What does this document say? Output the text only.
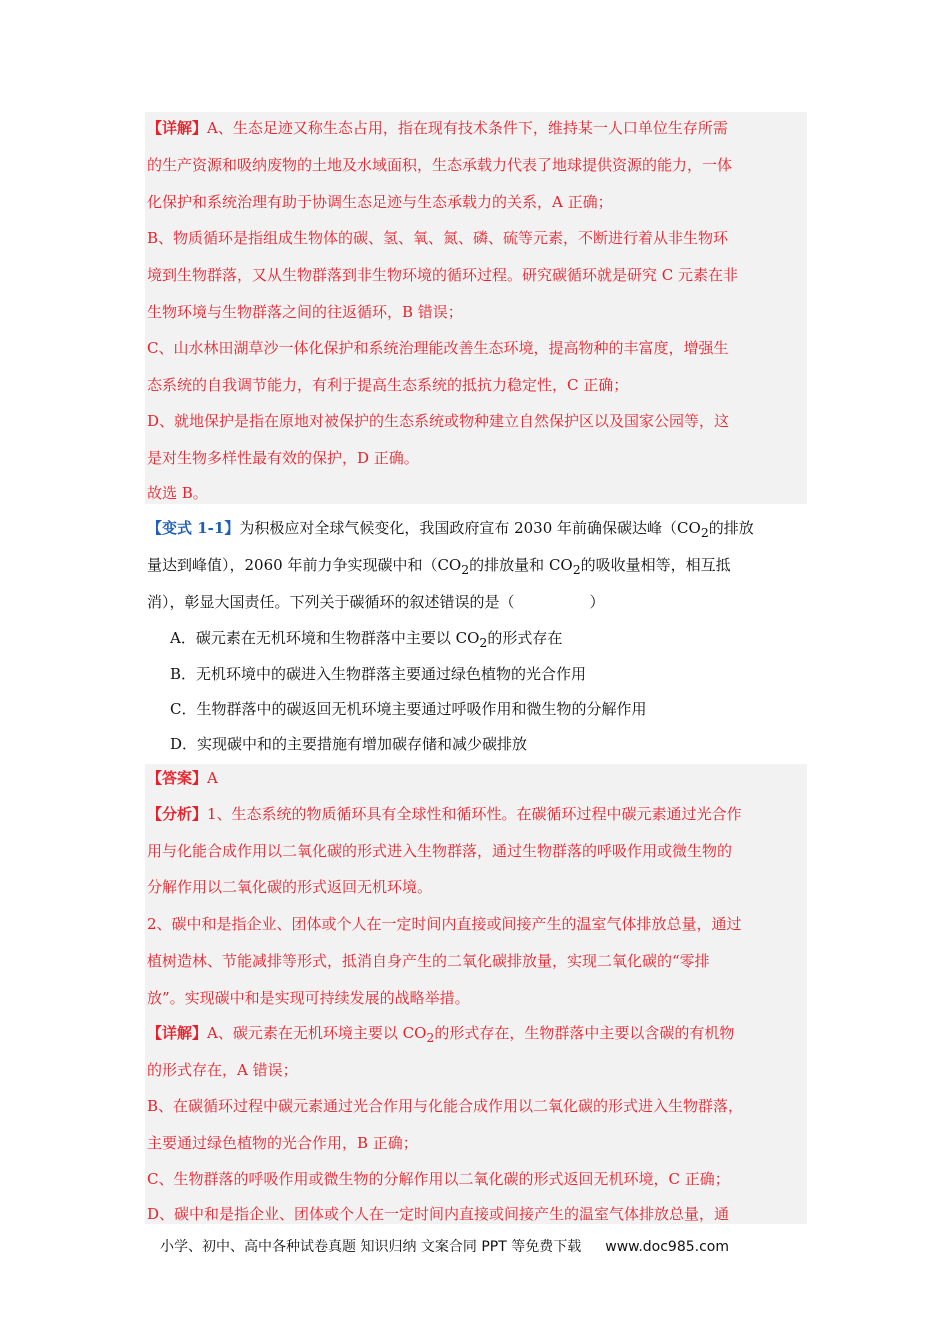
【详解】A、生态足迹又称生态占用，指在现有技术条件下，维持某一人口单位生存所需
的生产资源和吸纳废物的土地及水域面积，生态承载力代表了地球提供资源的能力，一体
化保护和系统治理有助于协调生态足迹与生态承载力的关系，A 正确；
B、物质循环是指组成生物体的碳、氢、氧、氮、磷、硫等元素，不断进行着从非生物环
境到生物群落，又从生物群落到非生物环境的循环过程。研究碳循环就是研究 C 元素在非
生物环境与生物群落之间的往返循环，B 错误；
C、山水林田湖草沙一体化保护和系统治理能改善生态环境，提高物种的丰富度，增强生
态系统的自我调节能力，有利于提高生态系统的抵抗力稳定性，C 正确；
D、就地保护是指在原地对被保护的生态系统或物种建立自然保护区以及国家公园等，这
是对生物多样性最有效的保护，D 正确。
故选 B。
【变式 1-1】为积极应对全球气候变化，我国政府宣布 2030 年前确保碳达峰（$CO_2$的排放
量达到峰值），2060 年前力争实现碳中和（$CO_2$的排放量和 $CO_2$的吸收量相等，相互抵
消），彰显大国责任。下列关于碳循环的叙述错误的是（　　　　　）
A．碳元素在无机环境和生物群落中主要以 $CO_2$的形式存在
B．无机环境中的碳进入生物群落主要通过绿色植物的光合作用
C．生物群落中的碳返回无机环境主要通过呼吸作用和微生物的分解作用
D．实现碳中和的主要措施有增加碳存储和减少碳排放
【答案】A
【分析】1、生态系统的物质循环具有全球性和循环性。在碳循环过程中碳元素通过光合作
用与化能合成作用以二氧化碳的形式进入生物群落，通过生物群落的呼吸作用或微生物的
分解作用以二氧化碳的形式返回无机环境。
2、碳中和是指企业、团体或个人在一定时间内直接或间接产生的温室气体排放总量，通过
植树造林、节能减排等形式，抵消自身产生的二氧化碳排放量，实现二氧化碳的“零排
放”。实现碳中和是实现可持续发展的战略举措。
【详解】A、碳元素在无机环境主要以 $CO_2$的形式存在，生物群落中主要以含碳的有机物
的形式存在，A 错误；
B、在碳循环过程中碳元素通过光合作用与化能合成作用以二氧化碳的形式进入生物群落，
主要通过绿色植物的光合作用，B 正确；
C、生物群落的呼吸作用或微生物的分解作用以二氧化碳的形式返回无机环境，C 正确；
D、碳中和是指企业、团体或个人在一定时间内直接或间接产生的温室气体排放总量，通
小学、初中、高中各种试卷真题 知识归纳 文案合同 PPT 等免费下载 www.doc985.com
